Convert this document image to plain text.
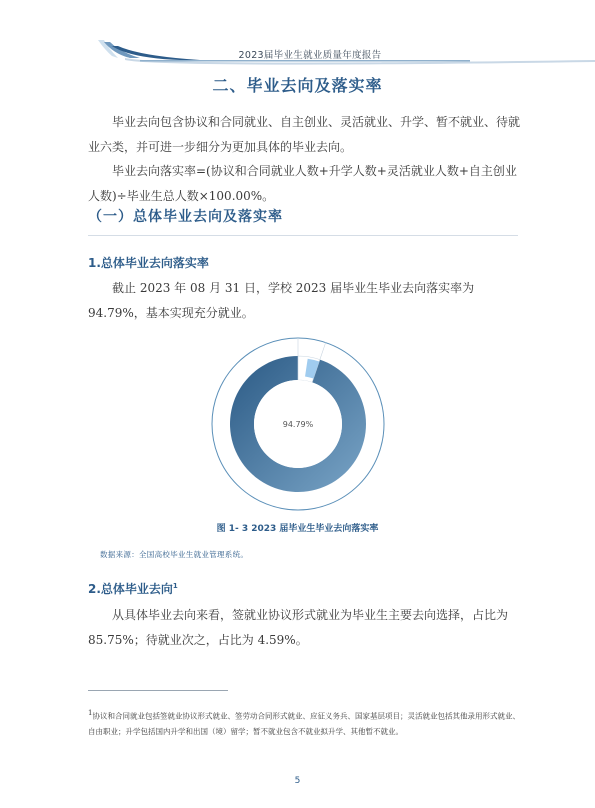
2023届毕业生就业质量年度报告
二、毕业去向及落实率

毕业去向包含协议和合同就业、自主创业、灵活就业、升学、暂不就业、待就业六类，并可进一步细分为更加具体的毕业去向。

毕业去向落实率=(协议和合同就业人数+升学人数+灵活就业人数+自主创业人数)÷毕业生总人数×100.00%。

（一）总体毕业去向及落实率
1.总体毕业去向落实率

截止 2023 年 08 月 31 日，学校 2023 届毕业生毕业去向落实率为 94.79%，基本实现充分就业。

94.79%
图 1- 3 2023 届毕业生毕业去向落实率
数据来源：全国高校毕业生就业管理系统。
2.总体毕业去向$^1$

从具体毕业去向来看，签就业协议形式就业为毕业生主要去向选择，占比为 85.75%；待就业次之，占比为 4.59%。

$^1$协议和合同就业包括签就业协议形式就业、签劳动合同形式就业、应征义务兵、国家基层项目；灵活就业包括其他录用形式就业、自由职业；升学包括国内升学和出国（境）留学；暂不就业包含不就业拟升学、其他暂不就业。

5
